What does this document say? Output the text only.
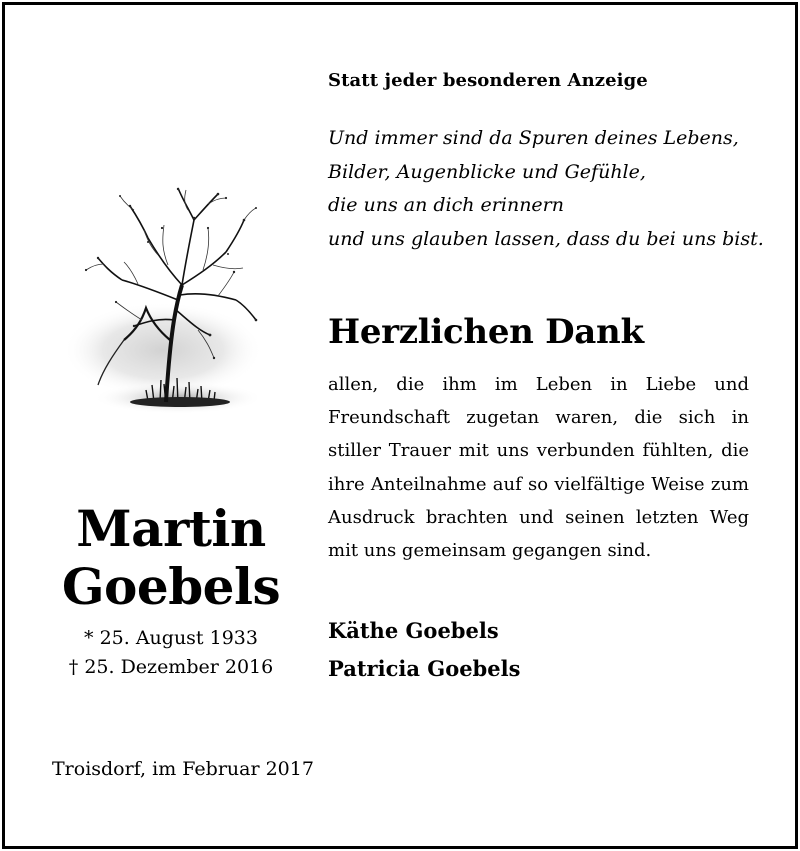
Statt jeder besonderen Anzeige
Und immer sind da Spuren deines Lebens,
Bilder, Augenblicke und Gefühle,
die uns an dich erinnern
und uns glauben lassen, dass du bei uns bist.
Herzlichen Dank
allen, die ihm im Leben in Liebe und Freundschaft zugetan waren, die sich in stiller Trauer mit uns verbunden fühlten, die ihre Anteilnahme auf so vielfältige Weise zum Ausdruck brachten und seinen letzten Weg mit uns gemeinsam gegangen sind.
Käthe Goebels
Patricia Goebels
Martin
Goebels
* 25. August 1933
† 25. Dezember 2016
Troisdorf, im Februar 2017
